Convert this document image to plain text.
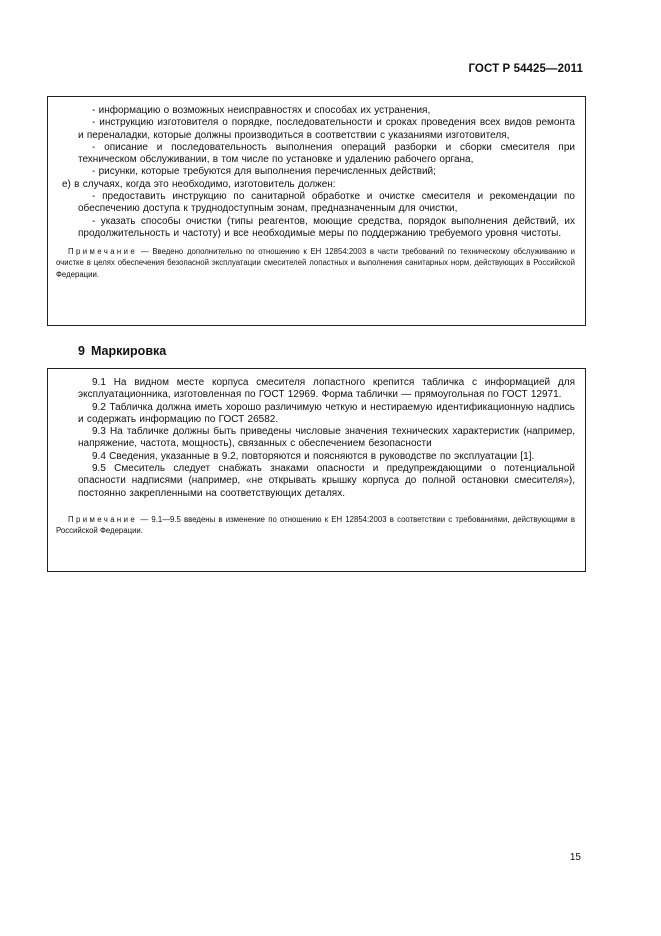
ГОСТ Р 54425—2011

- информацию о возможных неисправностях и способах их устранения,

- инструкцию изготовителя о порядке, последовательности и сроках проведения всех видов ремонта и переналадки, которые должны производиться в соответствии с указаниями изготовителя,

- описание и последовательность выполнения операций разборки и сборки смесителя при техническом обслуживании, в том числе по установке и удалению рабочего органа,

- рисунки, которые требуются для выполнения перечисленных действий;

е) в случаях, когда это необходимо, изготовитель должен:

- предоставить инструкцию по санитарной обработке и очистке смесителя и рекомендации по обеспечению доступа к труднодоступным зонам, предназначенным для очистки,

- указать способы очистки (типы реагентов, моющие средства, порядок выполнения действий, их продолжительность и частоту) и все необходимые меры по поддержанию требуемого уровня чистоты.

Примечание — Введено дополнительно по отношению к ЕН 12854:2003 в части требований по техническому обслуживанию и очистке в целях обеспечения безопасной эксплуатации смесителей лопастных и выполнения санитарных норм, действующих в Российской Федерации.

9 Маркировка

9.1 На видном месте корпуса смесителя лопастного крепится табличка с информацией для эксплуатационника, изготовленная по ГОСТ 12969. Форма таблички — прямоугольная по ГОСТ 12971.

9.2 Табличка должна иметь хорошо различимую четкую и нестираемую идентификационную надпись и содержать информацию по ГОСТ 26582.

9.3 На табличке должны быть приведены числовые значения технических характеристик (например, напряжение, частота, мощность), связанных с обеспечением безопасности

9.4 Сведения, указанные в 9.2, повторяются и поясняются в руководстве по эксплуатации [1].

9.5 Смеситель следует снабжать знаками опасности и предупреждающими о потенциальной опасности надписями (например, «не открывать крышку корпуса до полной остановки смесителя»), постоянно закрепленными на соответствующих деталях.

Примечание — 9.1—9.5 введены в изменение по отношению к ЕН 12854:2003 в соответствии с требованиями, действующими в Российской Федерации.

15
